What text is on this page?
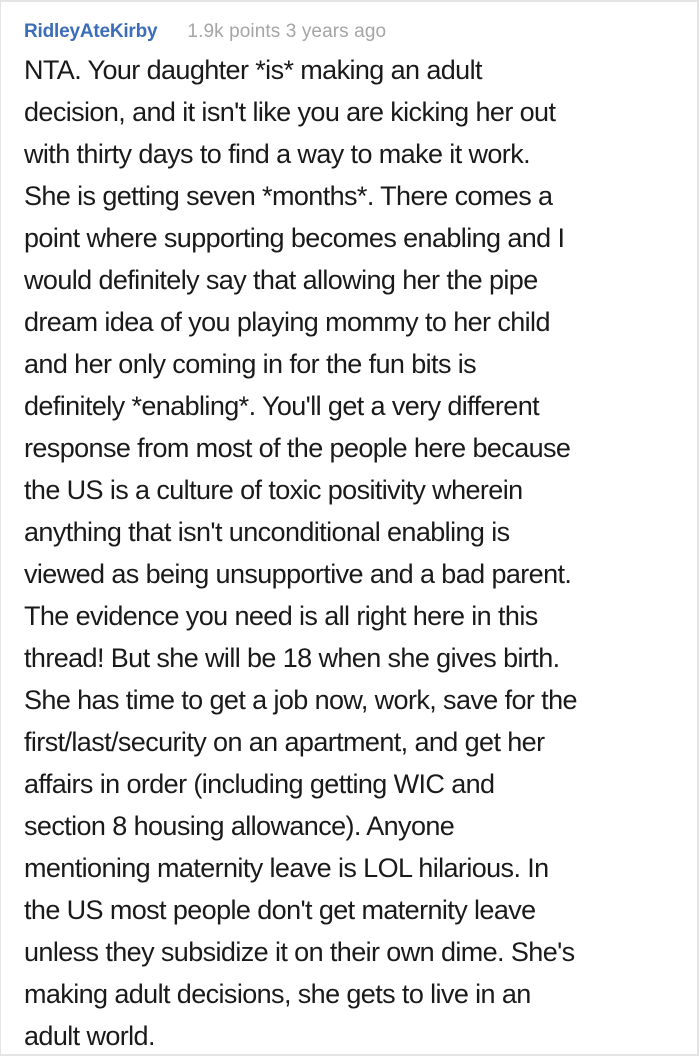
RidleyAteKirby 1.9k points 3 years ago
NTA. Your daughter *is* making an adult
decision, and it isn't like you are kicking her out
with thirty days to find a way to make it work.
She is getting seven *months*. There comes a
point where supporting becomes enabling and I
would definitely say that allowing her the pipe
dream idea of you playing mommy to her child
and her only coming in for the fun bits is
definitely *enabling*. You'll get a very different
response from most of the people here because
the US is a culture of toxic positivity wherein
anything that isn't unconditional enabling is
viewed as being unsupportive and a bad parent.
The evidence you need is all right here in this
thread! But she will be 18 when she gives birth.
She has time to get a job now, work, save for the
first/last/security on an apartment, and get her
affairs in order (including getting WIC and
section 8 housing allowance). Anyone
mentioning maternity leave is LOL hilarious. In
the US most people don't get maternity leave
unless they subsidize it on their own dime. She's
making adult decisions, she gets to live in an
adult world.
